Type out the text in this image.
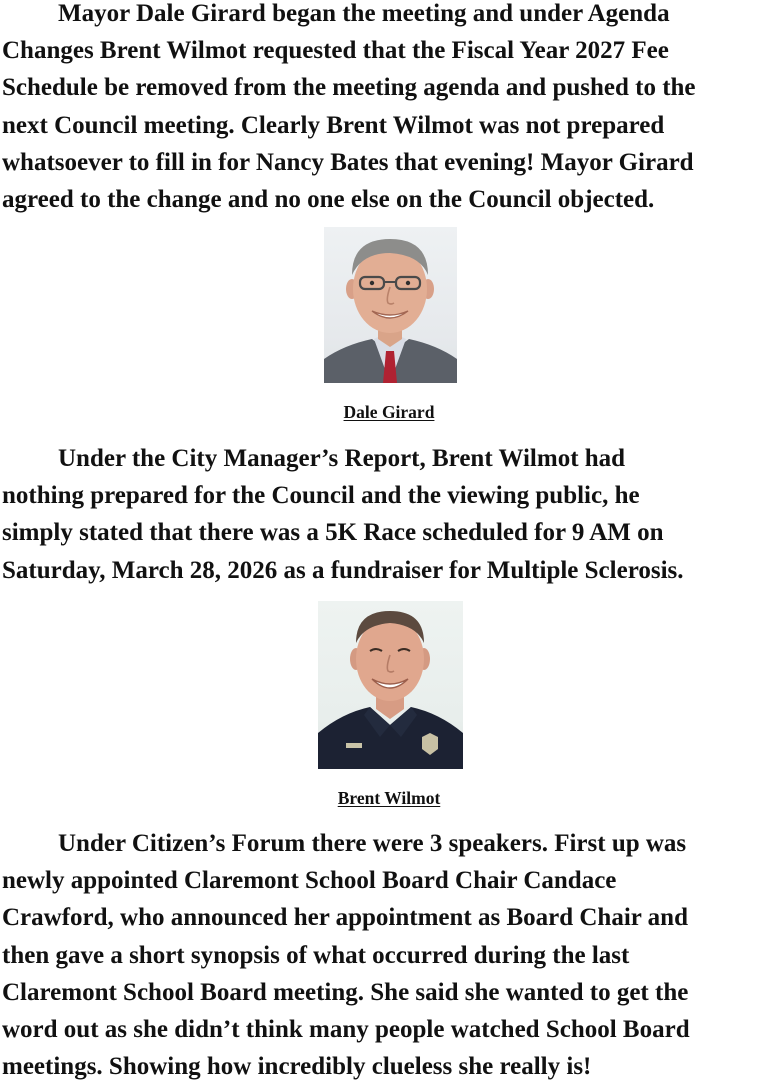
Mayor Dale Girard began the meeting and under Agenda
Changes Brent Wilmot requested that the Fiscal Year 2027 Fee
Schedule be removed from the meeting agenda and pushed to the
next Council meeting. Clearly Brent Wilmot was not prepared
whatsoever to fill in for Nancy Bates that evening! Mayor Girard
agreed to the change and no one else on the Council objected.
Dale Girard
Under the City Manager’s Report, Brent Wilmot had
nothing prepared for the Council and the viewing public, he
simply stated that there was a 5K Race scheduled for 9 AM on
Saturday, March 28, 2026 as a fundraiser for Multiple Sclerosis.
Brent Wilmot
Under Citizen’s Forum there were 3 speakers. First up was
newly appointed Claremont School Board Chair Candace
Crawford, who announced her appointment as Board Chair and
then gave a short synopsis of what occurred during the last
Claremont School Board meeting. She said she wanted to get the
word out as she didn’t think many people watched School Board
meetings. Showing how incredibly clueless she really is!
